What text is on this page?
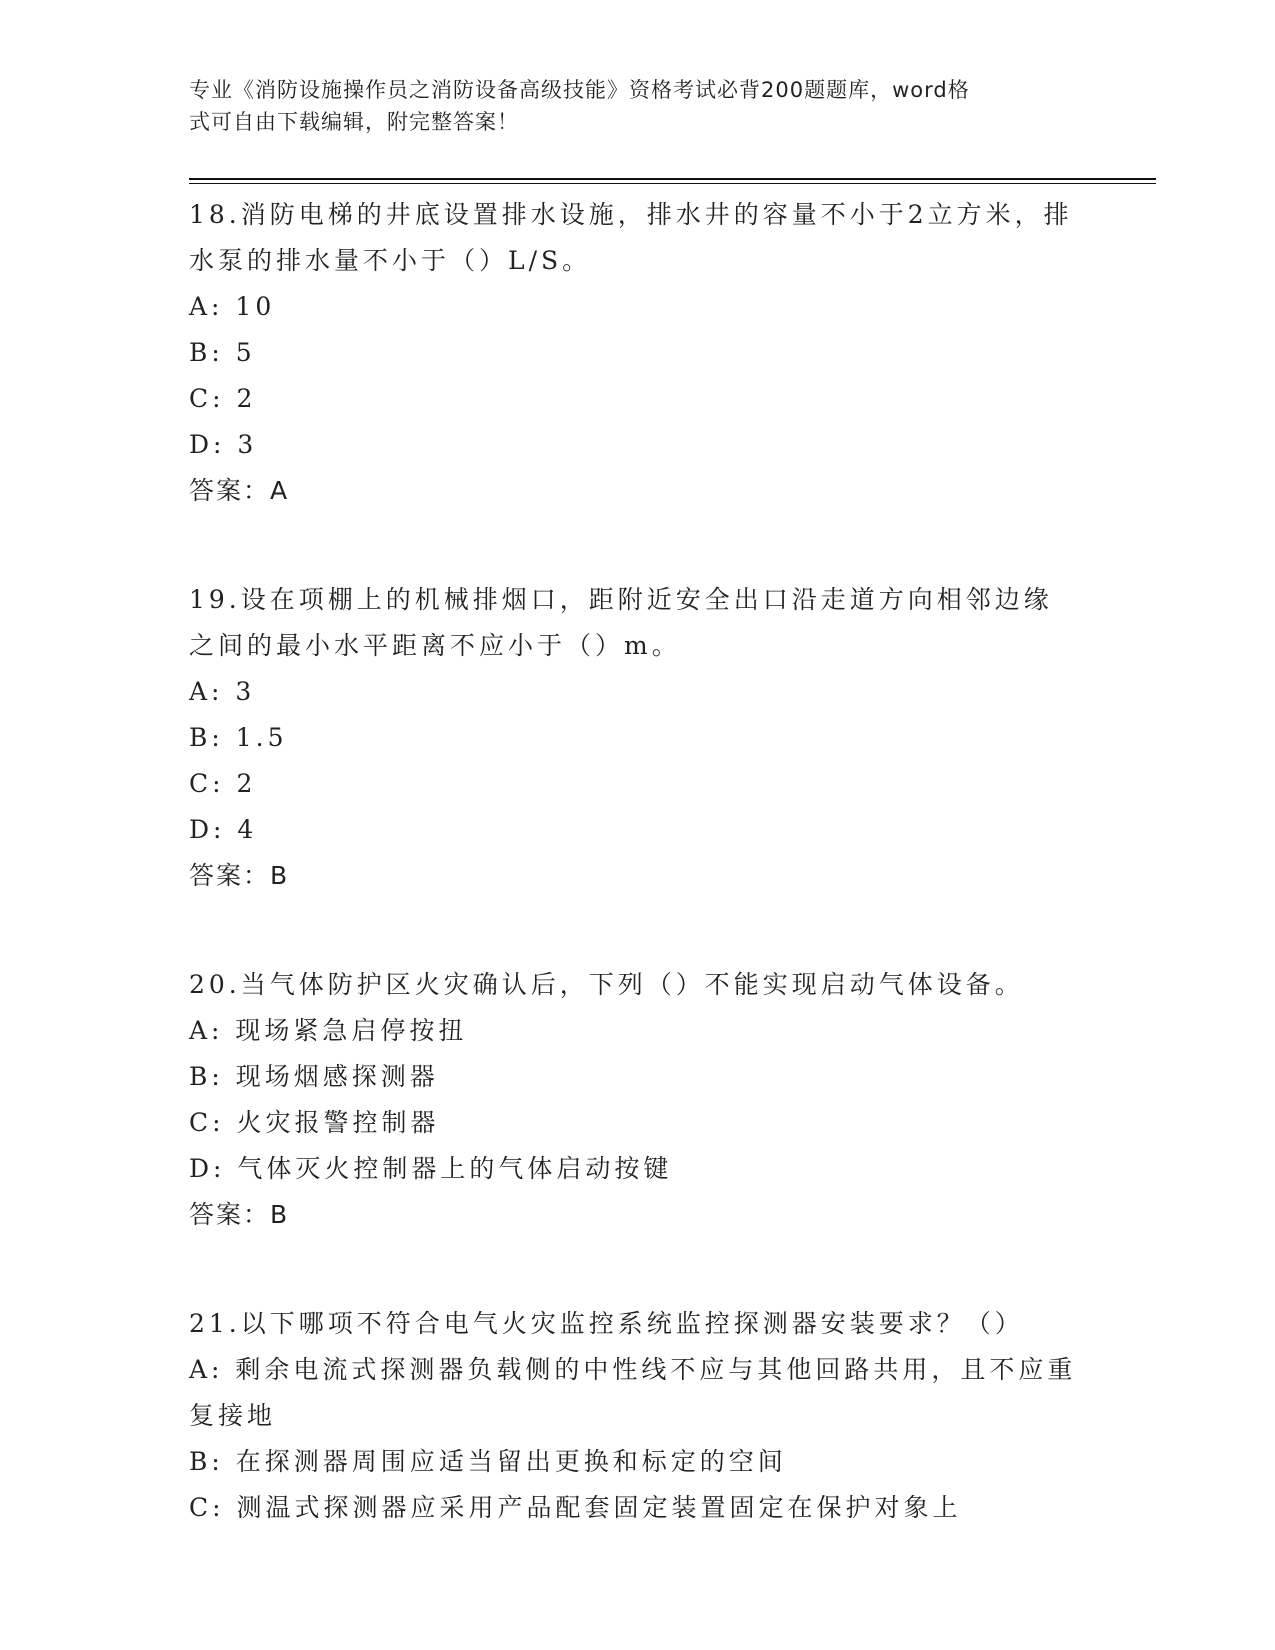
专业《消防设施操作员之消防设备高级技能》资格考试必背200题题库，word格
式可自由下载编辑，附完整答案！

18.消防电梯的井底设置排水设施，排水井的容量不小于2立方米，排水泵的排水量不小于（）L/S。

A: 10

B: 5

C: 2

D: 3

答案：A

19.设在项棚上的机械排烟口，距附近安全出口沿走道方向相邻边缘之间的最小水平距离不应小于（）m。

A: 3

B: 1.5

C: 2

D: 4

答案：B

20.当气体防护区火灾确认后，下列（）不能实现启动气体设备。

A: 现场紧急启停按扭

B: 现场烟感探测器

C: 火灾报警控制器

D: 气体灭火控制器上的气体启动按键

答案：B

21.以下哪项不符合电气火灾监控系统监控探测器安装要求？（）

A: 剩余电流式探测器负载侧的中性线不应与其他回路共用，且不应重复接地

B: 在探测器周围应适当留出更换和标定的空间

C: 测温式探测器应采用产品配套固定装置固定在保护对象上
